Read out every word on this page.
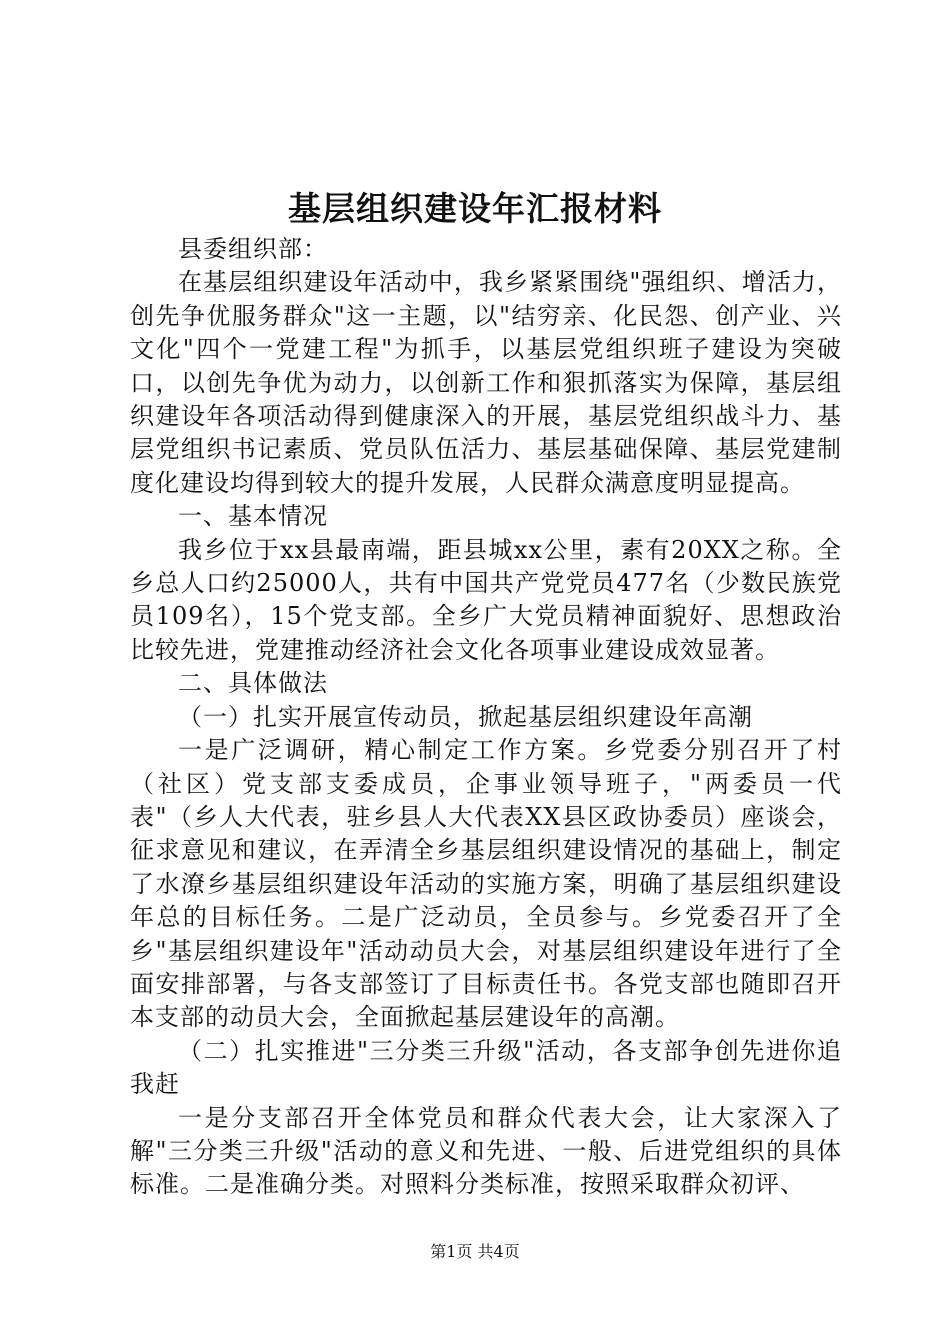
基层组织建设年汇报材料

县委组织部：

在基层组织建设年活动中，我乡紧紧围绕"强组织、增活力，创先争优服务群众"这一主题，以"结穷亲、化民怨、创产业、兴文化"四个一党建工程"为抓手，以基层党组织班子建设为突破口，以创先争优为动力，以创新工作和狠抓落实为保障，基层组织建设年各项活动得到健康深入的开展，基层党组织战斗力、基层党组织书记素质、党员队伍活力、基层基础保障、基层党建制度化建设均得到较大的提升发展，人民群众满意度明显提高。

一、基本情况

我乡位于xx县最南端，距县城xx公里，素有20XX之称。全乡总人口约25000人，共有中国共产党党员477名（少数民族党员109名），15个党支部。全乡广大党员精神面貌好、思想政治比较先进，党建推动经济社会文化各项事业建设成效显著。

二、具体做法

（一）扎实开展宣传动员，掀起基层组织建设年高潮

一是广泛调研，精心制定工作方案。乡党委分别召开了村（社区）党支部支委成员，企事业领导班子，"两委员一代表"（乡人大代表，驻乡县人大代表XX县区政协委员）座谈会，征求意见和建议，在弄清全乡基层组织建设情况的基础上，制定了水潦乡基层组织建设年活动的实施方案，明确了基层组织建设年总的目标任务。二是广泛动员，全员参与。乡党委召开了全乡"基层组织建设年"活动动员大会，对基层组织建设年进行了全面安排部署，与各支部签订了目标责任书。各党支部也随即召开本支部的动员大会，全面掀起基层建设年的高潮。

（二）扎实推进"三分类三升级"活动，各支部争创先进你追我赶

一是分支部召开全体党员和群众代表大会，让大家深入了解"三分类三升级"活动的意义和先进、一般、后进党组织的具体标准。二是准确分类。对照料分类标准，按照采取群众初评、

第1页 共4页
